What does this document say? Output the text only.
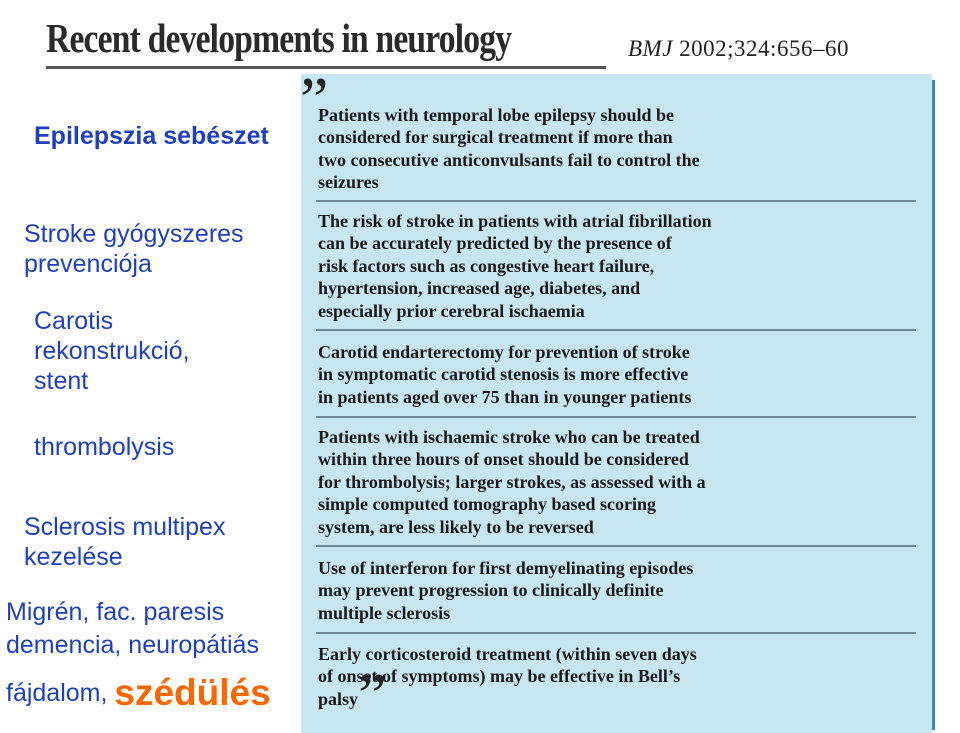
Recent developments in neurology	BMJ 2002;324:656–60
Epilepszia sebészet
Stroke gyógyszeres
prevenciója
Carotis
rekonstrukció,
stent
thrombolysis
Sclerosis multipex
kezelése
Migrén, fac. paresis
demencia, neuropátiás
fájdalom, szédülés
”
Patients with temporal lobe epilepsy should be
considered for surgical treatment if more than
two consecutive anticonvulsants fail to control the
seizures
The risk of stroke in patients with atrial fibrillation
can be accurately predicted by the presence of
risk factors such as congestive heart failure,
hypertension, increased age, diabetes, and
especially prior cerebral ischaemia
Carotid endarterectomy for prevention of stroke
in symptomatic carotid stenosis is more effective
in patients aged over 75 than in younger patients
Patients with ischaemic stroke who can be treated
within three hours of onset should be considered
for thrombolysis; larger strokes, as assessed with a
simple computed tomography based scoring
system, are less likely to be reversed
Use of interferon for first demyelinating episodes
may prevent progression to clinically definite
multiple sclerosis
Early corticosteroid treatment (within seven days
of onset of symptoms) may be effective in Bell’s
palsy ”
